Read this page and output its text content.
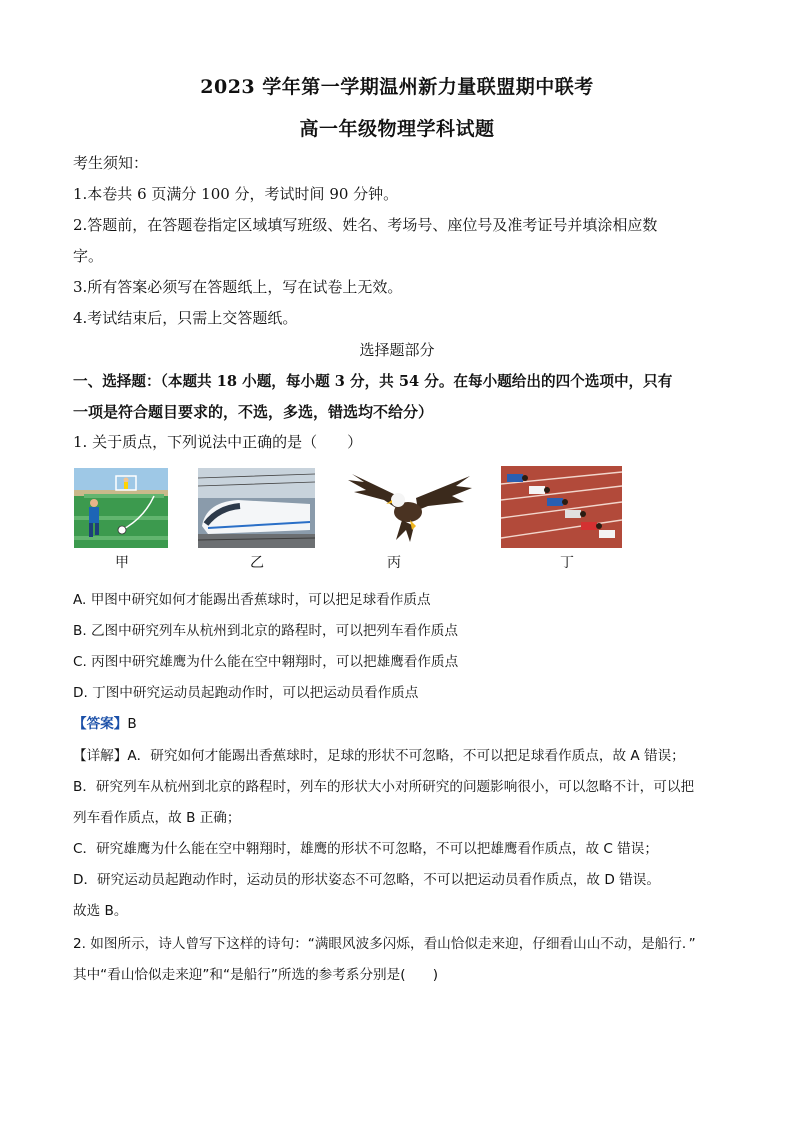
2023 学年第一学期温州新力量联盟期中联考
高一年级物理学科试题
考生须知：
1.本卷共 6 页满分 100 分，考试时间 90 分钟。
2.答题前，在答题卷指定区域填写班级、姓名、考场号、座位号及准考证号并填涂相应数
字。
3.所有答案必须写在答题纸上，写在试卷上无效。
4.考试结束后，只需上交答题纸。
选择题部分
一、选择题：（本题共 18 小题，每小题 3 分，共 54 分。在每小题给出的四个选项中，只有
一项是符合题目要求的，不选，多选，错选均不给分）
1. 关于质点，下列说法中正确的是（　　）
甲	乙	丙	丁
A. 甲图中研究如何才能踢出香蕉球时，可以把足球看作质点
B. 乙图中研究列车从杭州到北京的路程时，可以把列车看作质点
C. 丙图中研究雄鹰为什么能在空中翱翔时，可以把雄鹰看作质点
D. 丁图中研究运动员起跑动作时，可以把运动员看作质点
【答案】B
【详解】A．研究如何才能踢出香蕉球时，足球的形状不可忽略，不可以把足球看作质点，故 A 错误；
B．研究列车从杭州到北京的路程时，列车的形状大小对所研究的问题影响很小，可以忽略不计，可以把
列车看作质点，故 B 正确；
C．研究雄鹰为什么能在空中翱翔时，雄鹰的形状不可忽略，不可以把雄鹰看作质点，故 C 错误；
D．研究运动员起跑动作时，运动员的形状姿态不可忽略，不可以把运动员看作质点，故 D 错误。
故选 B。
2. 如图所示，诗人曾写下这样的诗句：“满眼风波多闪烁，看山恰似走来迎，仔细看山山不动，是船行．”
其中“看山恰似走来迎”和“是船行”所选的参考系分别是(　　)
